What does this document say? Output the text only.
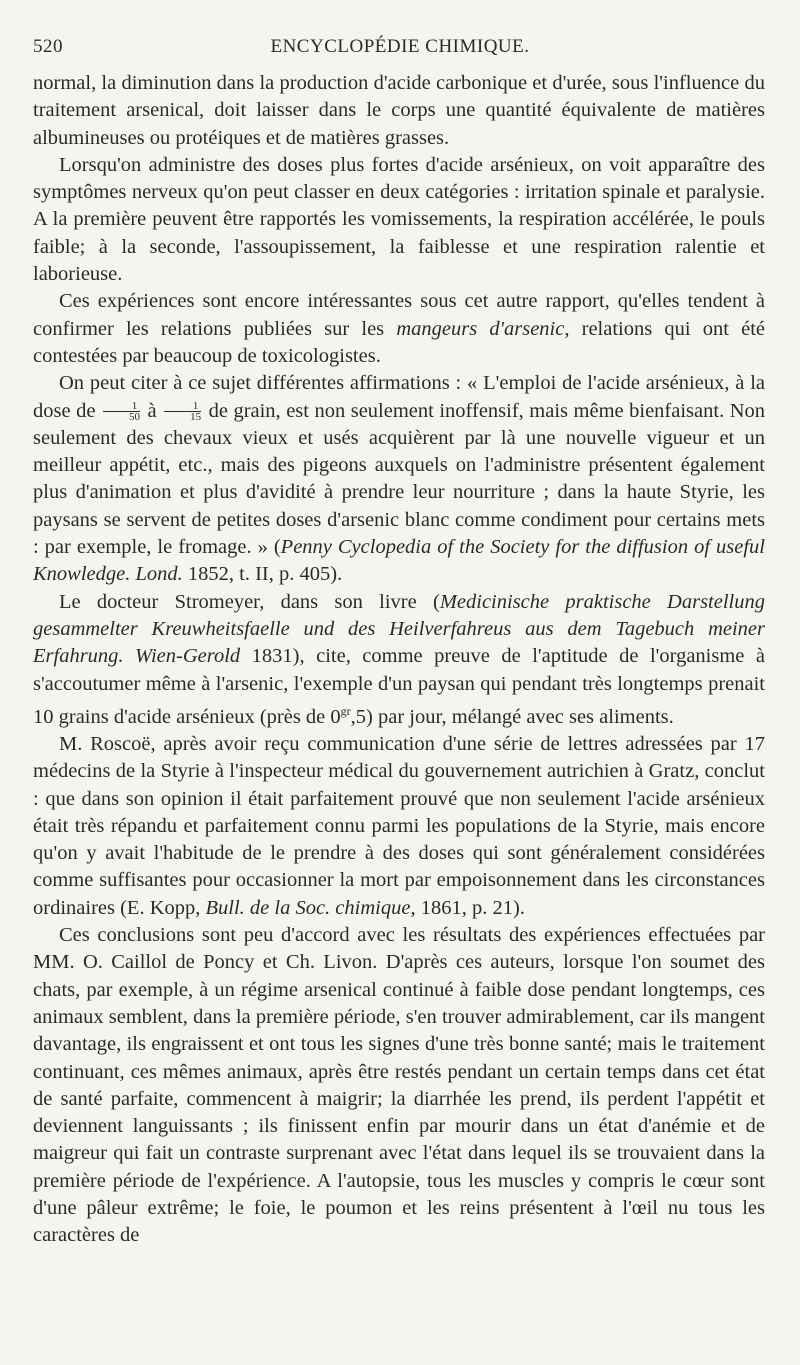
520	ENCYCLOPÉDIE CHIMIQUE.

normal, la diminution dans la production d'acide carbonique et d'urée, sous l'influence du traitement arsenical, doit laisser dans le corps une quantité équivalente de matières albumineuses ou protéiques et de matières grasses.

Lorsqu'on administre des doses plus fortes d'acide arsénieux, on voit apparaître des symptômes nerveux qu'on peut classer en deux catégories : irritation spinale et paralysie. A la première peuvent être rapportés les vomissements, la respiration accélérée, le pouls faible; à la seconde, l'assoupissement, la faiblesse et une respiration ralentie et laborieuse.

Ces expériences sont encore intéressantes sous cet autre rapport, qu'elles tendent à confirmer les relations publiées sur les mangeurs d'arsenic, relations qui ont été contestées par beaucoup de toxicologistes.

On peut citer à ce sujet différentes affirmations : « L'emploi de l'acide arsénieux, à la dose de $\frac{1}{50}$ à $\frac{1}{15}$ de grain, est non seulement inoffensif, mais même bienfaisant. Non seulement des chevaux vieux et usés acquièrent par là une nouvelle vigueur et un meilleur appétit, etc., mais des pigeons auxquels on l'administre présentent également plus d'animation et plus d'avidité à prendre leur nourriture ; dans la haute Styrie, les paysans se servent de petites doses d'arsenic blanc comme condiment pour certains mets : par exemple, le fromage. » (Penny Cyclopedia of the Society for the diffusion of useful Knowledge. Lond. 1852, t. II, p. 405).

Le docteur Stromeyer, dans son livre (Medicinische praktische Darstellung gesammelter Kreuwheitsfaelle und des Heilverfahreus aus dem Tagebuch meiner Erfahrung. Wien-Gerold 1831), cite, comme preuve de l'aptitude de l'organisme à s'accoutumer même à l'arsenic, l'exemple d'un paysan qui pendant très longtemps prenait 10 grains d'acide arsénieux (près de $0^{gr},5$) par jour, mélangé avec ses aliments.

M. Roscoë, après avoir reçu communication d'une série de lettres adressées par 17 médecins de la Styrie à l'inspecteur médical du gouvernement autrichien à Gratz, conclut : que dans son opinion il était parfaitement prouvé que non seulement l'acide arsénieux était très répandu et parfaitement connu parmi les populations de la Styrie, mais encore qu'on y avait l'habitude de le prendre à des doses qui sont généralement considérées comme suffisantes pour occasionner la mort par empoisonnement dans les circonstances ordinaires (E. Kopp, Bull. de la Soc. chimique, 1861, p. 21).

Ces conclusions sont peu d'accord avec les résultats des expériences effectuées par MM. O. Caillol de Poncy et Ch. Livon. D'après ces auteurs, lorsque l'on soumet des chats, par exemple, à un régime arsenical continué à faible dose pendant longtemps, ces animaux semblent, dans la première période, s'en trouver admirablement, car ils mangent davantage, ils engraissent et ont tous les signes d'une très bonne santé; mais le traitement continuant, ces mêmes animaux, après être restés pendant un certain temps dans cet état de santé parfaite, commencent à maigrir; la diarrhée les prend, ils perdent l'appétit et deviennent languissants ; ils finissent enfin par mourir dans un état d'anémie et de maigreur qui fait un contraste surprenant avec l'état dans lequel ils se trouvaient dans la première période de l'expérience. A l'autopsie, tous les muscles y compris le cœur sont d'une pâleur extrême; le foie, le poumon et les reins présentent à l'œil nu tous les caractères de
